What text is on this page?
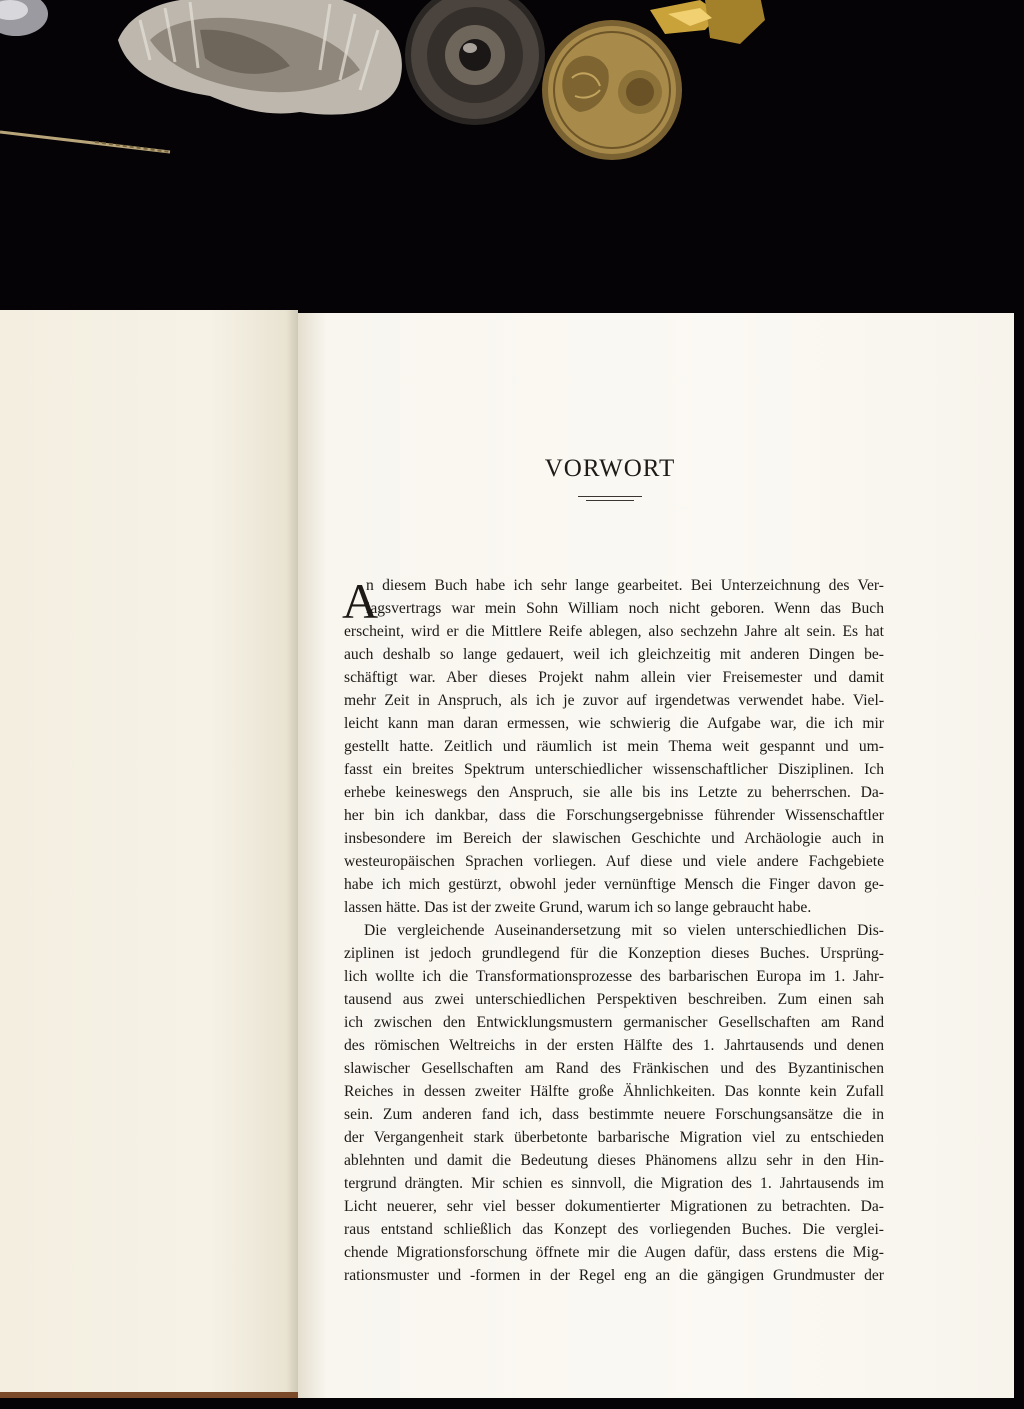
VORWORT
A
n diesem Buch habe ich sehr lange gearbeitet. Bei Unterzeichnung des Ver-
lagsvertrags war mein Sohn William noch nicht geboren. Wenn das Buch
erscheint, wird er die Mittlere Reife ablegen, also sechzehn Jahre alt sein. Es hat
auch deshalb so lange gedauert, weil ich gleichzeitig mit anderen Dingen be-
schäftigt war. Aber dieses Projekt nahm allein vier Freisemester und damit
mehr Zeit in Anspruch, als ich je zuvor auf irgendetwas verwendet habe. Viel-
leicht kann man daran ermessen, wie schwierig die Aufgabe war, die ich mir
gestellt hatte. Zeitlich und räumlich ist mein Thema weit gespannt und um-
fasst ein breites Spektrum unterschiedlicher wissenschaftlicher Disziplinen. Ich
erhebe keineswegs den Anspruch, sie alle bis ins Letzte zu beherrschen. Da-
her bin ich dankbar, dass die Forschungsergebnisse führender Wissenschaftler
insbesondere im Bereich der slawischen Geschichte und Archäologie auch in
westeuropäischen Sprachen vorliegen. Auf diese und viele andere Fachgebiete
habe ich mich gestürzt, obwohl jeder vernünftige Mensch die Finger davon ge-
lassen hätte. Das ist der zweite Grund, warum ich so lange gebraucht habe.
Die vergleichende Auseinandersetzung mit so vielen unterschiedlichen Dis-
ziplinen ist jedoch grundlegend für die Konzeption dieses Buches. Ursprüng-
lich wollte ich die Transformationsprozesse des barbarischen Europa im 1. Jahr-
tausend aus zwei unterschiedlichen Perspektiven beschreiben. Zum einen sah
ich zwischen den Entwicklungsmustern germanischer Gesellschaften am Rand
des römischen Weltreichs in der ersten Hälfte des 1. Jahrtausends und denen
slawischer Gesellschaften am Rand des Fränkischen und des Byzantinischen
Reiches in dessen zweiter Hälfte große Ähnlichkeiten. Das konnte kein Zufall
sein. Zum anderen fand ich, dass bestimmte neuere Forschungsansätze die in
der Vergangenheit stark überbetonte barbarische Migration viel zu entschieden
ablehnten und damit die Bedeutung dieses Phänomens allzu sehr in den Hin-
tergrund drängten. Mir schien es sinnvoll, die Migration des 1. Jahrtausends im
Licht neuerer, sehr viel besser dokumentierter Migrationen zu betrachten. Da-
raus entstand schließlich das Konzept des vorliegenden Buches. Die verglei-
chende Migrationsforschung öffnete mir die Augen dafür, dass erstens die Mig-
rationsmuster und -formen in der Regel eng an die gängigen Grundmuster der
